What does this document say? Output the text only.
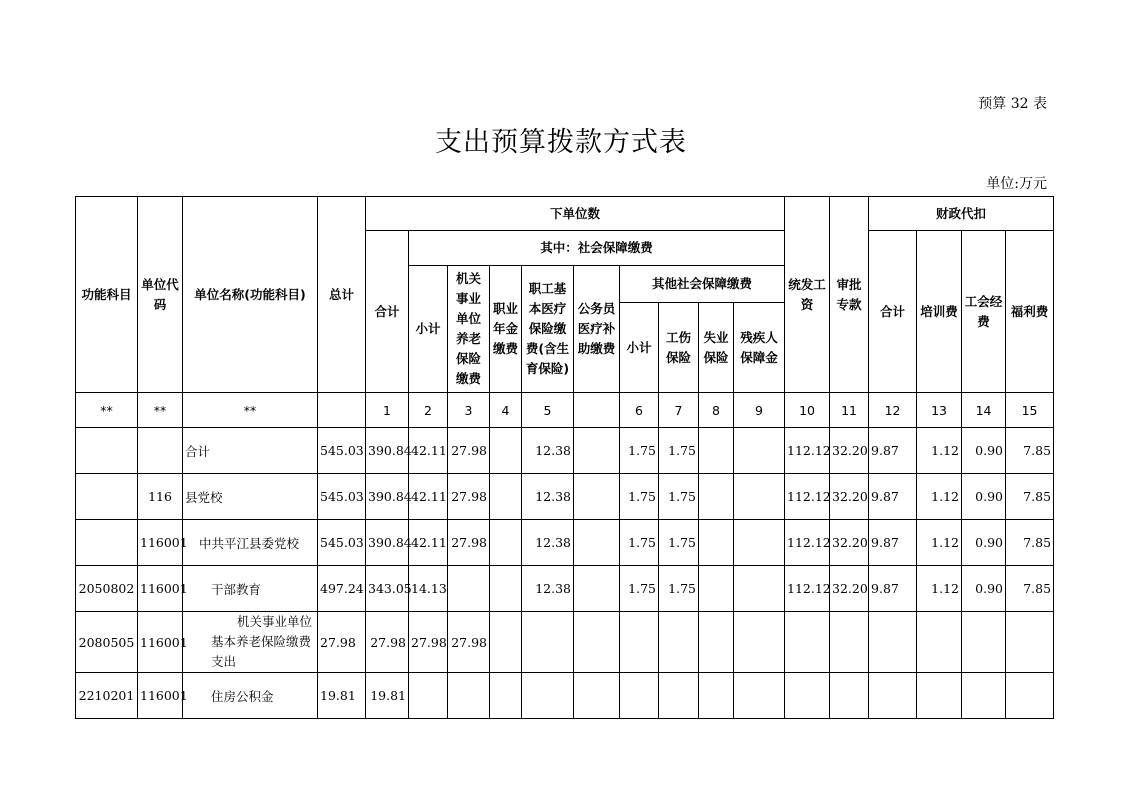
预算 32 表
支出预算拨款方式表
单位:万元
功能科目	单位代码	单位名称(功能科目)	总计	下单位数										统发工资	审批专款	财政代扣			
				合计	其中：社会保障缴费											合计	培训费	工会经费	福利费
					小计	机关事业单位养老保险缴费	职业年金缴费	职工基本医疗保险缴费(含生育保险)	公务员医疗补助缴费	其他社会保障缴费									
										小计	工伤保险	失业保险	残疾人保障金						

**	**	**		1	2	3	4	5		6	7	8	9	10	11	12	13	14	15
		合计	545.03	390.84	42.11	27.98		12.38		1.75	1.75			112.12	32.20	9.87	1.12	0.90	7.85
	116	县党校	545.03	390.84	42.11	27.98		12.38		1.75	1.75			112.12	32.20	9.87	1.12	0.90	7.85
	116001	中共平江县委党校	545.03	390.84	42.11	27.98		12.38		1.75	1.75			112.12	32.20	9.87	1.12	0.90	7.85
2050802	116001	干部教育	497.24	343.05	14.13			12.38		1.75	1.75			112.12	32.20	9.87	1.12	0.90	7.85
2080505	116001	机关事业单位基本养老保险缴费支出	27.98	27.98	27.98	27.98													
2210201	116001	住房公积金	19.81	19.81															
